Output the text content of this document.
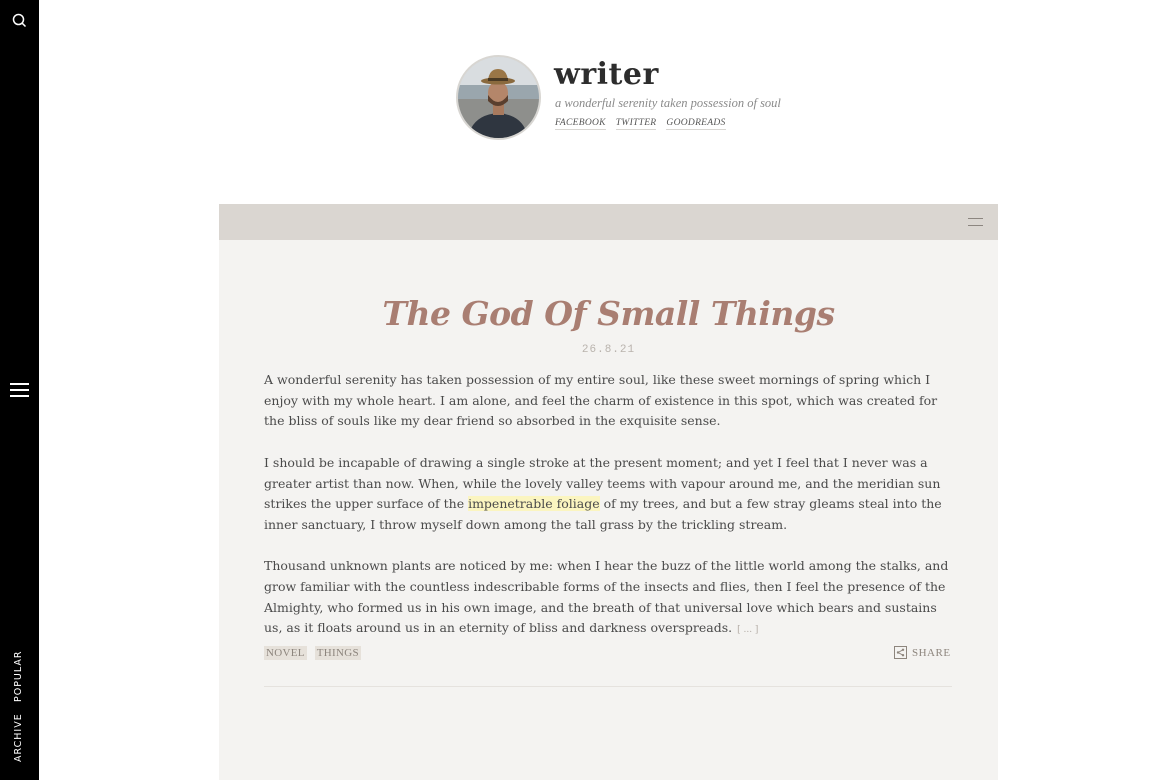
POPULAR
ARCHIVE
writer
a wonderful serenity taken possession of soul
FACEBOOK TWITTER GOODREADS
The God Of Small Things
26.8.21

A wonderful serenity has taken possession of my entire soul, like these sweet mornings of spring which I enjoy with my whole heart. I am alone, and feel the charm of existence in this spot, which was created for the bliss of souls like my dear friend so absorbed in the exquisite sense.

I should be incapable of drawing a single stroke at the present moment; and yet I feel that I never was a greater artist than now. When, while the lovely valley teems with vapour around me, and the meridian sun strikes the upper surface of the impenetrable foliage of my trees, and but a few stray gleams steal into the inner sanctuary, I throw myself down among the tall grass by the trickling stream.

Thousand unknown plants are noticed by me: when I hear the buzz of the little world among the stalks, and grow familiar with the countless indescribable forms of the insects and flies, then I feel the presence of the Almighty, who formed us in his own image, and the breath of that universal love which bears and sustains us, as it floats around us in an eternity of bliss and darkness overspreads. [ ... ]

NOVEL THINGS	SHARE
